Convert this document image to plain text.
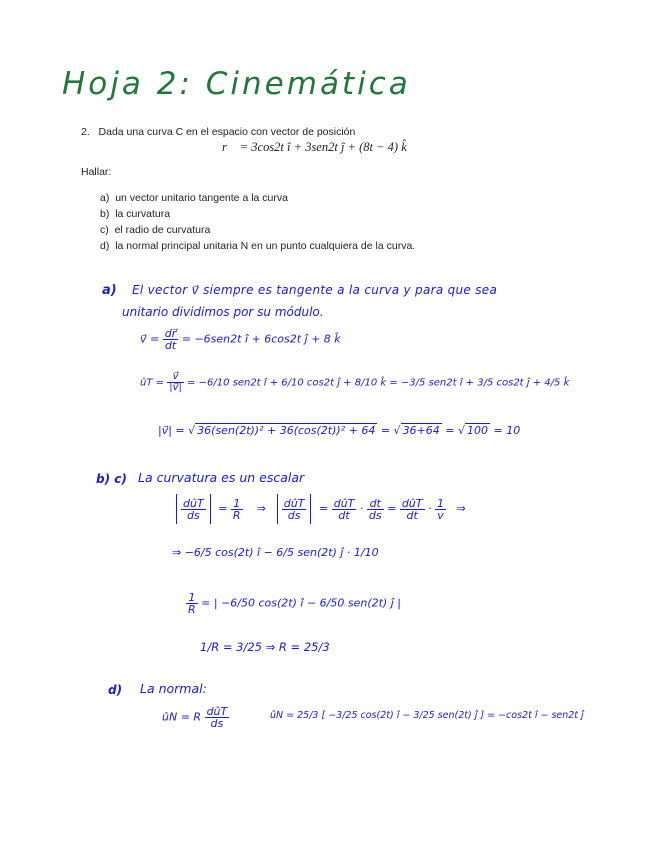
Hoja 2: Cinemática
2. Dada una curva C en el espacio con vector de posición
r⃗ = 3cos2t î + 3sen2t ĵ + (8t − 4) k̂
Hallar:
a) un vector unitario tangente a la curva
b) la curvatura
c) el radio de curvatura
d) la normal principal unitaria N en un punto cualquiera de la curva.
a) El vector v⃗ siempre es tangente a la curva y para que sea
unitario dividimos por su módulo.
v⃗ = $\frac{dr⃗}{dt} = -6sen2t$ î + 6cos2t ĵ + 8 k̂
ûT = $\frac{v⃗}{|v⃗|} = -6/10$ sen2t î + 6/10 cos2t ĵ + 8/10 k̂ = −3/5 sen2t î + 3/5 cos2t ĵ + 4/5 k̂
|v⃗| = √ 36(sen(2t))² + 36(cos(2t))² + 64 = √ 36+64 = √ 100 = 10
b) c) La curvatura es un escalar
dûT
ds	= $\frac{1}{R}$ ⇒ dûT
ds	= dûT
dt · $\frac{dt}{ds}$ = dûT
dt · $\frac{1}{v}$ ⇒
⇒ −6/5 cos(2t) î − 6/5 sen(2t) ĵ · 1/10
$\frac{1}{R}$ = | −6/50 cos(2t) î − 6/50 sen(2t) ĵ |
1/R = 3/25 ⇒ R = 25/3
d) La normal:
ûN = R dûT
ds
ûN = 25/3 [ −3/25 cos(2t) î − 3/25 sen(2t) ĵ ] = −cos2t î − sen2t ĵ
